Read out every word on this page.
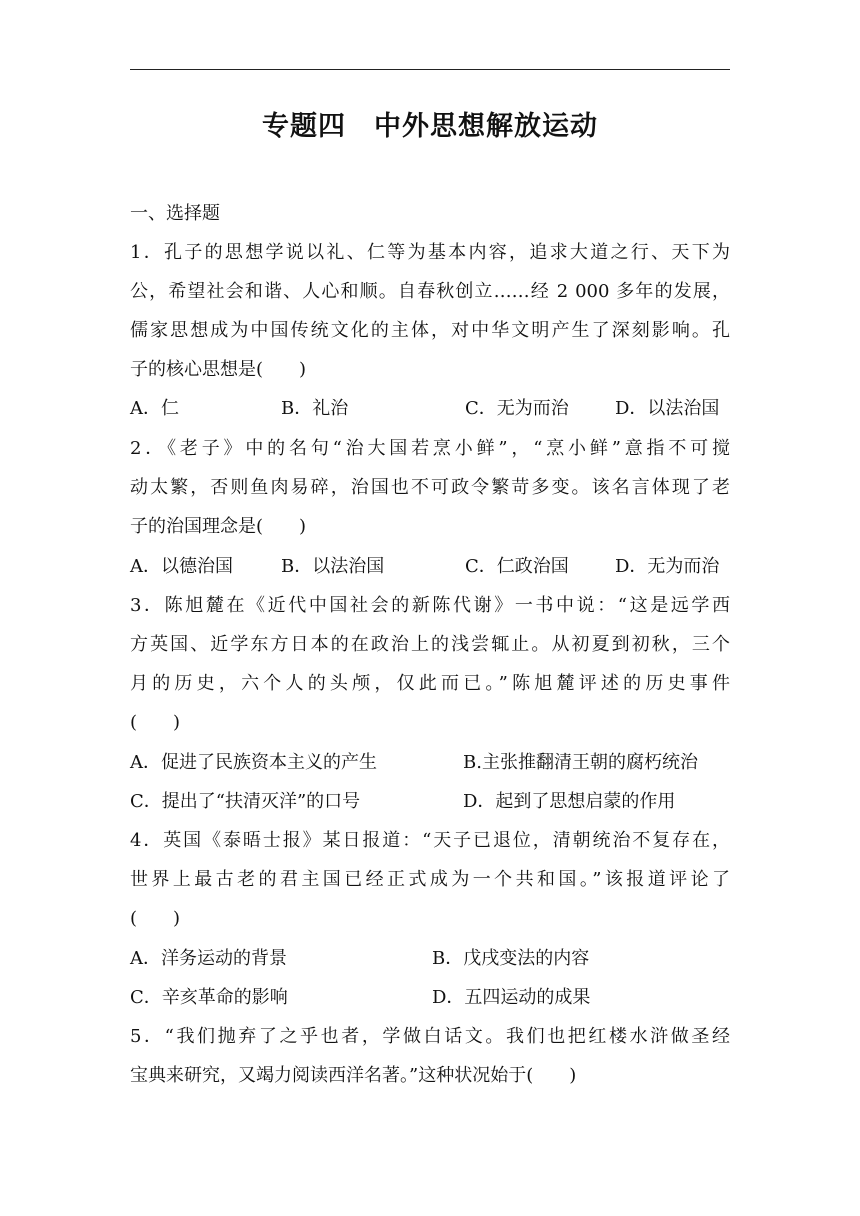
专题四　中外思想解放运动
一、选择题
1．孔子的思想学说以礼、仁等为基本内容，追求大道之行、天下为
公，希望社会和谐、人心和顺。自春秋创立……经 2 000 多年的发展，
儒家思想成为中国传统文化的主体，对中华文明产生了深刻影响。孔
子的核心思想是(　　)
A．仁	B．礼治	C．无为而治	D．以法治国
2．《老子》中的名句“治大国若烹小鲜”，“烹小鲜”意指不可搅
动太繁，否则鱼肉易碎，治国也不可政令繁苛多变。该名言体现了老
子的治国理念是(　　)
A．以德治国	B．以法治国	C．仁政治国	D．无为而治
3．陈旭麓在《近代中国社会的新陈代谢》一书中说：“这是远学西
方英国、近学东方日本的在政治上的浅尝辄止。从初夏到初秋，三个
月的历史，六个人的头颅，仅此而已。”陈旭麓评述的历史事件
(　　)
A．促进了民族资本主义的产生	B.主张推翻清王朝的腐朽统治
C．提出了“扶清灭洋”的口号	D．起到了思想启蒙的作用
4．英国《泰晤士报》某日报道：“天子已退位，清朝统治不复存在，
世界上最古老的君主国已经正式成为一个共和国。”该报道评论了
(　　)
A．洋务运动的背景	B．戊戌变法的内容
C．辛亥革命的影响	D．五四运动的成果
5．“我们抛弃了之乎也者，学做白话文。我们也把红楼水浒做圣经
宝典来研究，又竭力阅读西洋名著。”这种状况始于(　　)
